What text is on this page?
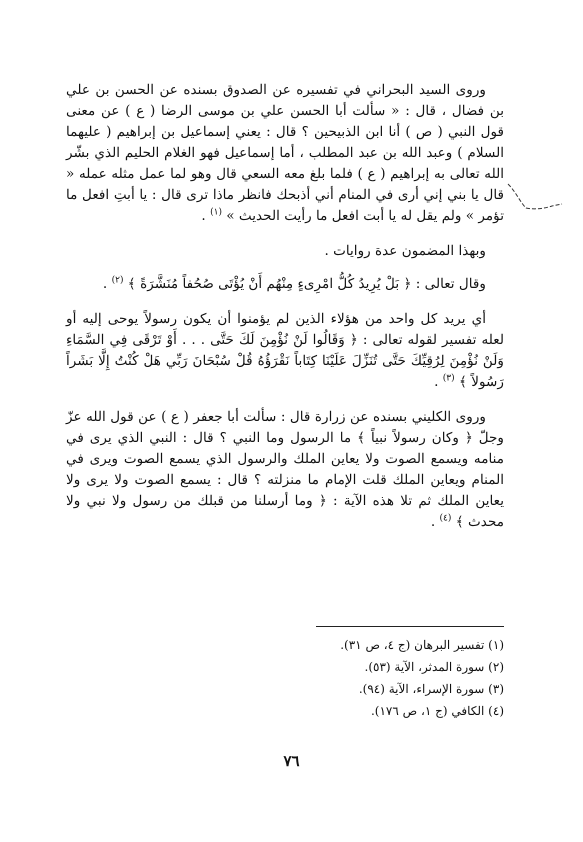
وروى السيد البحراني في تفسيره عن الصدوق بسنده عن الحسن بن علي بن فضال ، قال : « سألت أبا الحسن علي بن موسى الرضا ( ع ) عن معنى قول النبي ( ص ) أنا ابن الذبيحين ؟ قال : يعني إسماعيل بن إبراهيم ( عليهما السلام ) وعبد الله بن عبد المطلب ، أما إسماعيل فهو الغلام الحليم الذي بشّر الله تعالى به إبراهيم ( ع ) فلما بلغ معه السعي قال وهو لما عمل مثله عمله « قال يا بني إني أرى في المنام أني أذبحك فانظر ماذا ترى قال : يا أبتِ افعل ما تؤمر » ولم يقل له يا أبت افعل ما رأيت الحديث » $^{(١)}$ .

وبهذا المضمون عدة روايات .

وقال تعالى : ﴿ بَلْ يُرِيدُ كُلُّ امْرِىءٍ مِنْهُم أَنْ يُؤْتَى صُحُفاً مُنَشَّرَةً ﴾ $^{(٢)}$ .

أي يريد كل واحد من هؤلاء الذين لم يؤمنوا أن يكون رسولاً يوحى إليه أو لعله تفسير لقوله تعالى : ﴿ وَقَالُوا لَنْ نُؤْمِنَ لَكَ حَتَّى . . . أَوْ تَرْقَى فِي السَّمَاءِ وَلَنْ نُؤْمِنَ لِرُقِيِّكَ حَتَّى تُنَزِّلَ عَلَيْنَا كِتَاباً نَقْرَؤُهُ قُلْ سُبْحَانَ رَبِّي هَلْ كُنْتُ إِلَّا بَشَراً رَسُولاً ﴾ $^{(٣)}$ .

وروى الكليني بسنده عن زرارة قال : سألت أبا جعفر ( ع ) عن قول الله عزّ وجلّ ﴿ وكان رسولاً نبياً ﴾ ما الرسول وما النبي ؟ قال : النبي الذي يرى في منامه ويسمع الصوت ولا يعاين الملك والرسول الذي يسمع الصوت ويرى في المنام ويعاين الملك قلت الإمام ما منزلته ؟ قال : يسمع الصوت ولا يرى ولا يعاين الملك ثم تلا هذه الآية : ﴿ وما أرسلنا من قبلك من رسول ولا نبي ولا محدث ﴾ $^{(٤)}$ .

(١) تفسير البرهان (ج ٤، ص ٣١).
(٢) سورة المدثر، الآية (٥٣).
(٣) سورة الإسراء، الآية (٩٤).
(٤) الكافي (ج ١، ص ١٧٦).
٧٦
